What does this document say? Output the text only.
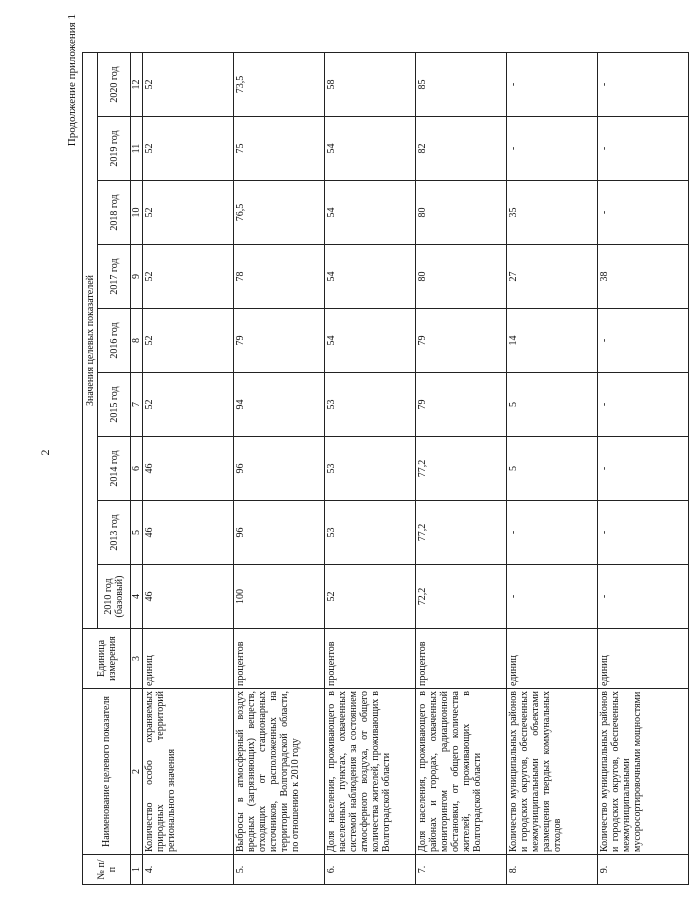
2
Продолжение приложения 1
№ п/п	Наименование целевого показателя	Единица измерения	Значения целевых показателей								
			2010 год (базовый)	2013 год	2014 год	2015 год	2016 год	2017 год	2018 год	2019 год	2020 год
1	2	3	4	5	6	7	8	9	10	11	12
4.	Количество особо охраняемых природных территорий регионального значения	единиц	46	46	46	52	52	52	52	52	52
5.	Выбросы в атмосферный воздух вредных (загрязняющих) веществ, отходящих от стационарных источников, расположенных на территории Волгоградской области, по отношению к 2010 году	процентов	100	96	96	94	79	78	76,5	75	73,5
6.	Доля населения, проживающего в населенных пунктах, охваченных системой наблюдения за состоянием атмосферного воздуха, от общего количества жителей, проживающих в Волгоградской области	процентов	52	53	53	53	54	54	54	54	58
7.	Доля населения, проживающего в районах и городах, охваченных мониторингом радиационной обстановки, от общего количества жителей, проживающих в Волгоградской области	процентов	72,2	77,2	77,2	79	79	80	80	82	85
8.	Количество муниципальных районов и городских округов, обеспеченных межмуниципальными объектами размещения твердых коммунальных отходов	единиц	-	-	5	5	14	27	35	-	-
9.	Количество муниципальных районов и городских округов, обеспеченных межмуниципальными мусоросортировочными мощностями	единиц	-	-	-	-	-	38	-	-	-
